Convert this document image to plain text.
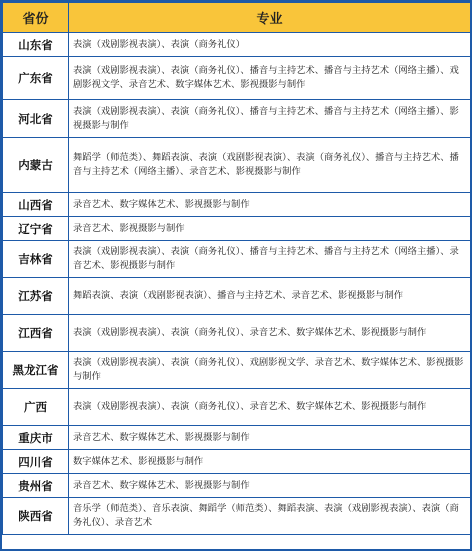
省份	专业
山东省	表演（戏剧影视表演）、表演（商务礼仪）
广东省	表演（戏剧影视表演）、表演（商务礼仪）、播音与主持艺术、播音与主持艺术（网络主播）、戏剧影视文学、录音艺术、数字媒体艺术、影视摄影与制作
河北省	表演（戏剧影视表演）、表演（商务礼仪）、播音与主持艺术、播音与主持艺术（网络主播）、影视摄影与制作
内蒙古	舞蹈学（师范类）、舞蹈表演、表演（戏剧影视表演）、表演（商务礼仪）、播音与主持艺术、播音与主持艺术（网络主播）、录音艺术、影视摄影与制作
山西省	录音艺术、数字媒体艺术、影视摄影与制作
辽宁省	录音艺术、影视摄影与制作
吉林省	表演（戏剧影视表演）、表演（商务礼仪）、播音与主持艺术、播音与主持艺术（网络主播）、录音艺术、影视摄影与制作
江苏省	舞蹈表演、表演（戏剧影视表演）、播音与主持艺术、录音艺术、影视摄影与制作
江西省	表演（戏剧影视表演）、表演（商务礼仪）、录音艺术、数字媒体艺术、影视摄影与制作
黑龙江省	表演（戏剧影视表演）、表演（商务礼仪）、戏剧影视文学、录音艺术、数字媒体艺术、影视摄影与制作
广西	表演（戏剧影视表演）、表演（商务礼仪）、录音艺术、数字媒体艺术、影视摄影与制作
重庆市	录音艺术、数字媒体艺术、影视摄影与制作
四川省	数字媒体艺术、影视摄影与制作
贵州省	录音艺术、数字媒体艺术、影视摄影与制作
陕西省	音乐学（师范类）、音乐表演、舞蹈学（师范类）、舞蹈表演、表演（戏剧影视表演）、表演（商务礼仪）、录音艺术
